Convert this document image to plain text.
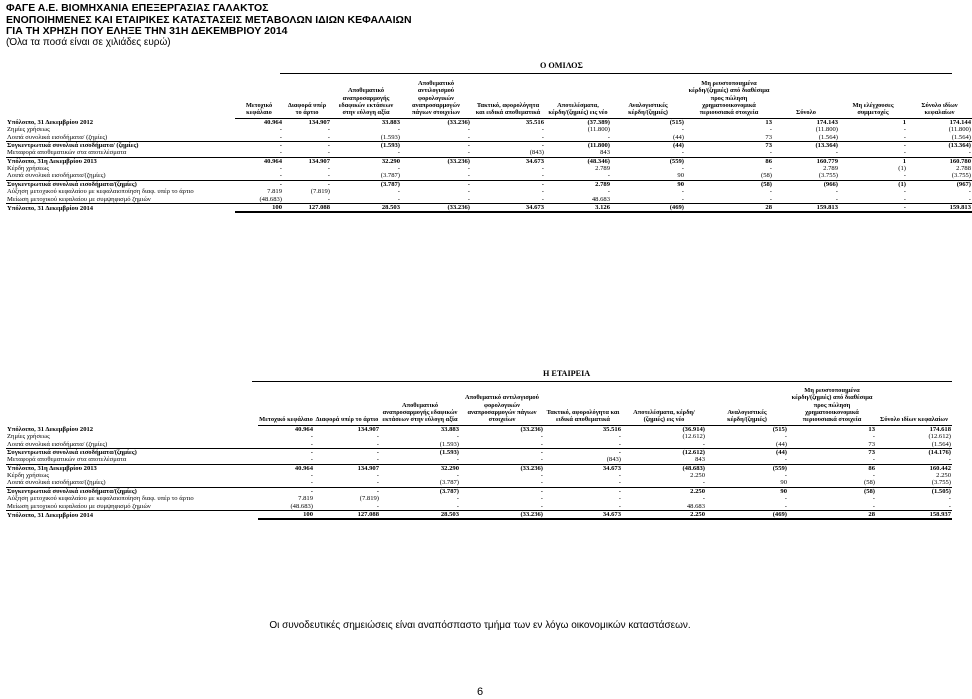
ΦΑΓΕ Α.Ε. ΒΙΟΜΗΧΑΝΙΑ ΕΠΕΞΕΡΓΑΣΙΑΣ ΓΑΛΑΚΤΟΣ
ΕΝΟΠΟΙΗΜΕΝΕΣ ΚΑΙ ΕΤΑΙΡΙΚΕΣ ΚΑΤΑΣΤΑΣΕΙΣ ΜΕΤΑΒΟΛΩΝ ΙΔΙΩΝ ΚΕΦΑΛΑΙΩΝ
ΓΙΑ ΤΗ ΧΡΗΣΗ ΠΟΥ ΕΛΗΞΕ ΤΗΝ 31Η ΔΕΚΕΜΒΡΙΟΥ 2014
(Όλα τα ποσά είναι σε χιλιάδες ευρώ)
Ο ΟΜΙΛΟΣ
	Μετοχικό κεφάλαιο	Διαφορά υπέρ το άρτιο	Αποθεματικό αναπροσαρμογής εδαφικών εκτάσεων στην εύλογη αξία	Αποθεματικό αντιλογισμού φορολογικών αναπροσαρμογών πάγιων στοιχείων	Τακτικό, αφορολόγητα και ειδικά αποθεματικά	Αποτελέσματα, κέρδη/(ζημιές) εις νέο	Αναλογιστικές κέρδη/(ζημιές)	Μη ρευστοποιημένα κέρδη/(ζημιές) από διαθέσιμα προς πώληση χρηματοοικονομικά περιουσιακά στοιχεία	Σύνολο	Μη ελέγχουσες συμμετοχές	Σύνολο ιδίων κεφαλαίων
Υπόλοιπο, 31 Δεκεμβρίου 2012	40.964	134.907	33.883	(33.236)	35.516	(37.389)	(515)	13	174.143	1	174.144
Ζημίες χρήσεως	-	-	-	-	-	(11.800)	-	-	(11.800)	-	(11.800)
Λοιπά συνολικά εισοδήματα/ (ζημίες)	-	-	(1.593)	-	-	-	(44)	73	(1.564)	-	(1.564)
Συγκεντρωτικά συνολικά εισοδήματα/ (ζημίες)	-	-	(1.593)	-	-	(11.800)	(44)	73	(13.364)	-	(13.364)
Μεταφορά αποθεματικών στα αποτελέσματα	-	-	-	-	(843)	843	-	-	-	-	-
Υπόλοιπο, 31η Δεκεμβρίου 2013	40.964	134.907	32.290	(33.236)	34.673	(48.346)	(559)	86	160.779	1	160.780
Κέρδη χρήσεως	-	-	-	-	-	2.789	-	-	2.789	(1)	2.788
Λοιπά συνολικά εισοδήματα/(ζημίες)	-	-	(3.787)	-	-	-	90	(58)	(3.755)	-	(3.755)
Συγκεντρωτικά συνολικά εισοδήματα/(ζημίες)	-	-	(3.787)	-	-	2.789	90	(58)	(966)	(1)	(967)
Αύξηση μετοχικού κεφαλαίου με κεφαλαιοποίηση διαφ. υπέρ το άρτιο	7.819	(7.819)	-	-	-	-	-	-	-	-	-
Μείωση μετοχικού κεφαλαίου με συμψηφισμό ζημιών	(48.683)	-	-	-	-	48.683	-	-	-	-	-
Υπόλοιπο, 31 Δεκεμβρίου 2014	100	127.088	28.503	(33.236)	34.673	3.126	(469)	28	159.813	-	159.813
Η ΕΤΑΙΡΕΙΑ
	Μετοχικό κεφάλαιο	Διαφορά υπέρ το άρτιο	Αποθεματικό αναπροσαρμογής εδαφικών εκτάσεων στην εύλογη αξία	Αποθεματικό αντιλογισμού φορολογικών αναπροσαρμογών πάγιων στοιχείων	Τακτικό, αφορολόγητα και ειδικά αποθεματικά	Αποτελέσματα, κέρδη/ (ζημιές) εις νέο	Αναλογιστικές κέρδη/(ζημιές)	Μη ρευστοποιημένα κέρδη/(ζημιές) από διαθέσιμα προς πώληση χρηματοοικονομικά περιουσιακά στοιχεία	Σύνολο ιδίων κεφαλαίων
Υπόλοιπο, 31 Δεκεμβρίου 2012	40.964	134.907	33.883	(33.236)	35.516	(36.914)	(515)	13	174.618
Ζημίες χρήσεως	-	-	-	-	-	(12.612)	-	-	(12.612)
Λοιπά συνολικά εισοδήματα/ (ζημίες)	-	-	(1.593)	-	-	-	(44)	73	(1.564)
Συγκεντρωτικά συνολικά εισοδήματα/(ζημίες)	-	-	(1.593)	-	-	(12.612)	(44)	73	(14.176)
Μεταφορά αποθεματικών στα αποτελέσματα	-	-	-	-	(843)	843	-	-	-
Υπόλοιπο, 31η Δεκεμβρίου 2013	40.964	134.907	32.290	(33.236)	34.673	(48.683)	(559)	86	160.442
Κέρδη χρήσεως	-	-	-	-	-	2.250	-	-	2.250
Λοιπά συνολικά εισοδήματα/(ζημίες)	-	-	(3.787)	-	-	-	90	(58)	(3.755)
Συγκεντρωτικά συνολικά εισοδήματα/(ζημίες)	-	-	(3.787)	-	-	2.250	90	(58)	(1.505)
Αύξηση μετοχικού κεφαλαίου με κεφαλαιοποίηση διαφ. υπέρ το άρτιο	7.819	(7.819)	-	-	-	-	-	-	-
Μείωση μετοχικού κεφαλαίου με συμψηφισμό ζημιών	(48.683)	-	-	-	-	48.683	-	-	-
Υπόλοιπο, 31 Δεκεμβρίου 2014	100	127.088	28.503	(33.236)	34.673	2.250	(469)	28	158.937
Οι συνοδευτικές σημειώσεις είναι αναπόσπαστο τμήμα των εν λόγω οικονομικών καταστάσεων.
6
